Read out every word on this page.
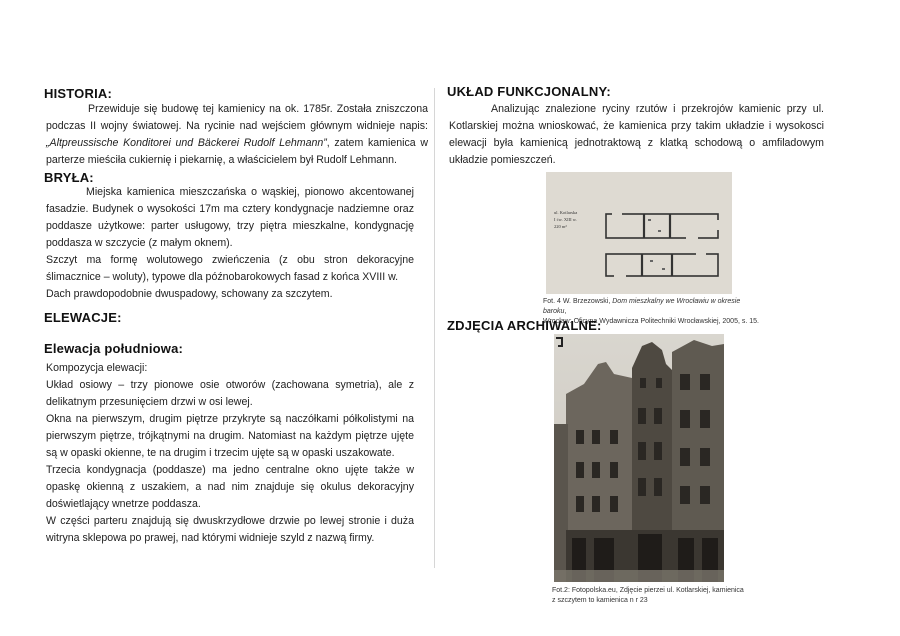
HISTORIA:
Przewiduje się budowę tej kamienicy na ok. 1785r. Została zniszczona podczas II wojny światowej. Na rycinie nad wejściem głównym widnieje napis: „Altpreussische Konditorei und Bäckerei Rudolf Lehmann”, zatem kamienica w parterze mieściła cukiernię i piekarnię, a właścicielem był Rudolf Lehmann.
BRYŁA:

Miejska kamienica mieszczańska o wąskiej, pionowo akcentowanej fasadzie. Budynek o wysokości 17m ma cztery kondygnacje nadziemne oraz poddasze użytkowe: parter usługowy, trzy piętra mieszkalne, kondygnację poddasza w szczycie (z małym oknem).

Szczyt ma formę wolutowego zwieńczenia (z obu stron dekoracyjne ślimacznice – woluty), typowe dla późnobarokowych fasad z końca XVIII w.

Dach prawdopodobnie dwuspadowy, schowany za szczytem.

ELEWACJE:
Elewacja południowa:

Kompozycja elewacji:

Układ osiowy – trzy pionowe osie otworów (zachowana symetria), ale z delikatnym przesunięciem drzwi w osi lewej.

Okna na pierwszym, drugim piętrze przykryte są naczółkami półkolistymi na pierwszym piętrze, trójkątnymi na drugim. Natomiast na każdym piętrze ujęte są w opaski okienne, te na drugim i trzecim ujęte są w opaski uszakowate.

Trzecia kondygnacja (poddasze) ma jedno centralne okno ujęte także w opaskę okienną z uszakiem, a nad nim znajduje się okulus dekoracyjny doświetlający wnetrze poddasza.

W części parteru znajdują się dwuskrzydłowe drzwie po lewej stronie i duża witryna sklepowa po prawej, nad którymi widnieje szyld z nazwą firmy.

UKŁAD FUNKCJONALNY:
Analizując znalezione ryciny rzutów i przekrojów kamienic przy ul. Kotlarskiej można wnioskować, że kamienica przy takim układzie i wysokosci elewacji była kamienicą jednotraktową z klatką schodową o amfiladowym układzie pomieszczeń.
ul. Kotlarska
I ćw. XIII w.
220 m²
Fot. 4 W. Brzezowski, Dom mieszkalny we Wrocławiu w okresie baroku,
Wrocław: Oficyna Wydawnicza Politechniki Wrocławskiej, 2005, s. 15.
ZDJĘCIA ARCHIWALNE:
Fot.2: Fotopolska.eu, Zdjęcie pierzei ul. Kotlarskiej, kamienica
z szczytem to kamienica n r 23
